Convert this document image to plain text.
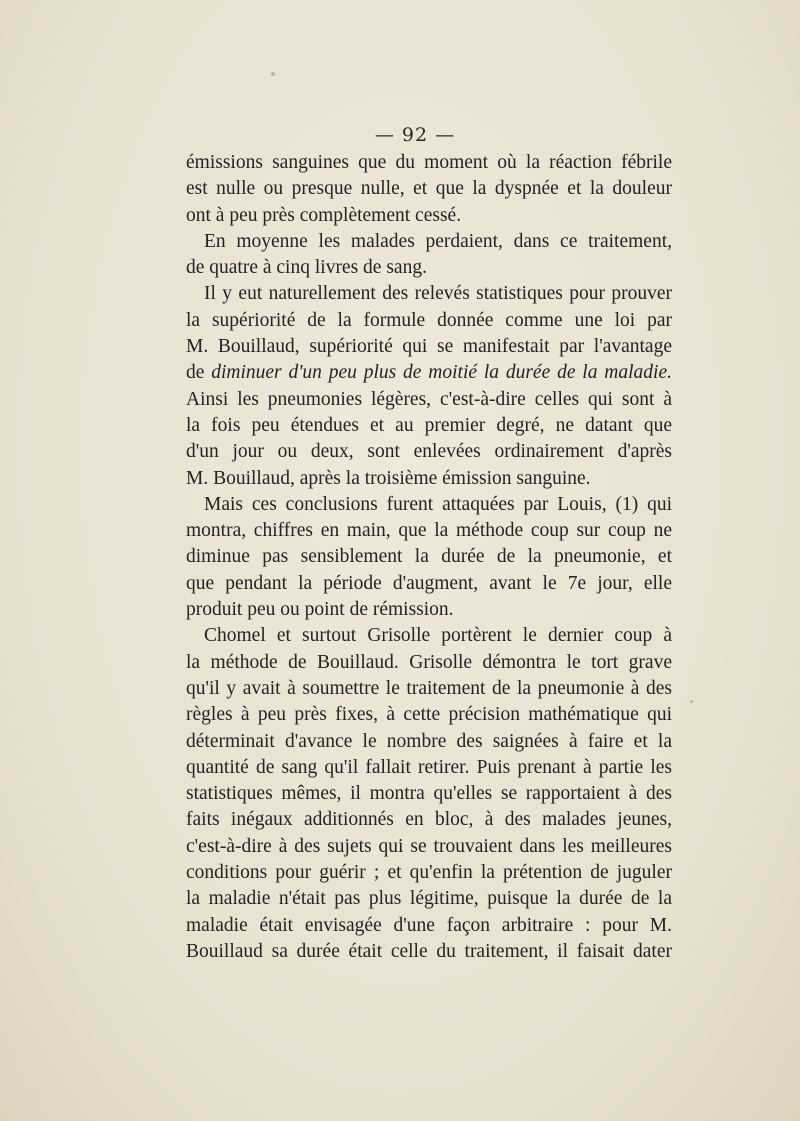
— 92 —
émissions sanguines que du moment où la réaction fébrile
est nulle ou presque nulle, et que la dyspnée et la douleur
ont à peu près complètement cessé.
En moyenne les malades perdaient, dans ce traitement,
de quatre à cinq livres de sang.
Il y eut naturellement des relevés statistiques pour prouver
la supériorité de la formule donnée comme une loi par
M. Bouillaud, supériorité qui se manifestait par l'avantage
de diminuer d'un peu plus de moitié la durée de la maladie.
Ainsi les pneumonies légères, c'est-à-dire celles qui sont à
la fois peu étendues et au premier degré, ne datant que
d'un jour ou deux, sont enlevées ordinairement d'après
M. Bouillaud, après la troisième émission sanguine.
Mais ces conclusions furent attaquées par Louis, (1) qui
montra, chiffres en main, que la méthode coup sur coup ne
diminue pas sensiblement la durée de la pneumonie, et
que pendant la période d'augment, avant le 7e jour, elle
produit peu ou point de rémission.
Chomel et surtout Grisolle portèrent le dernier coup à
la méthode de Bouillaud. Grisolle démontra le tort grave
qu'il y avait à soumettre le traitement de la pneumonie à des
règles à peu près fixes, à cette précision mathématique qui
déterminait d'avance le nombre des saignées à faire et la
quantité de sang qu'il fallait retirer. Puis prenant à partie les
statistiques mêmes, il montra qu'elles se rapportaient à des
faits inégaux additionnés en bloc, à des malades jeunes,
c'est-à-dire à des sujets qui se trouvaient dans les meilleures
conditions pour guérir ; et qu'enfin la prétention de juguler
la maladie n'était pas plus légitime, puisque la durée de la
maladie était envisagée d'une façon arbitraire : pour M.
Bouillaud sa durée était celle du traitement, il faisait dater
